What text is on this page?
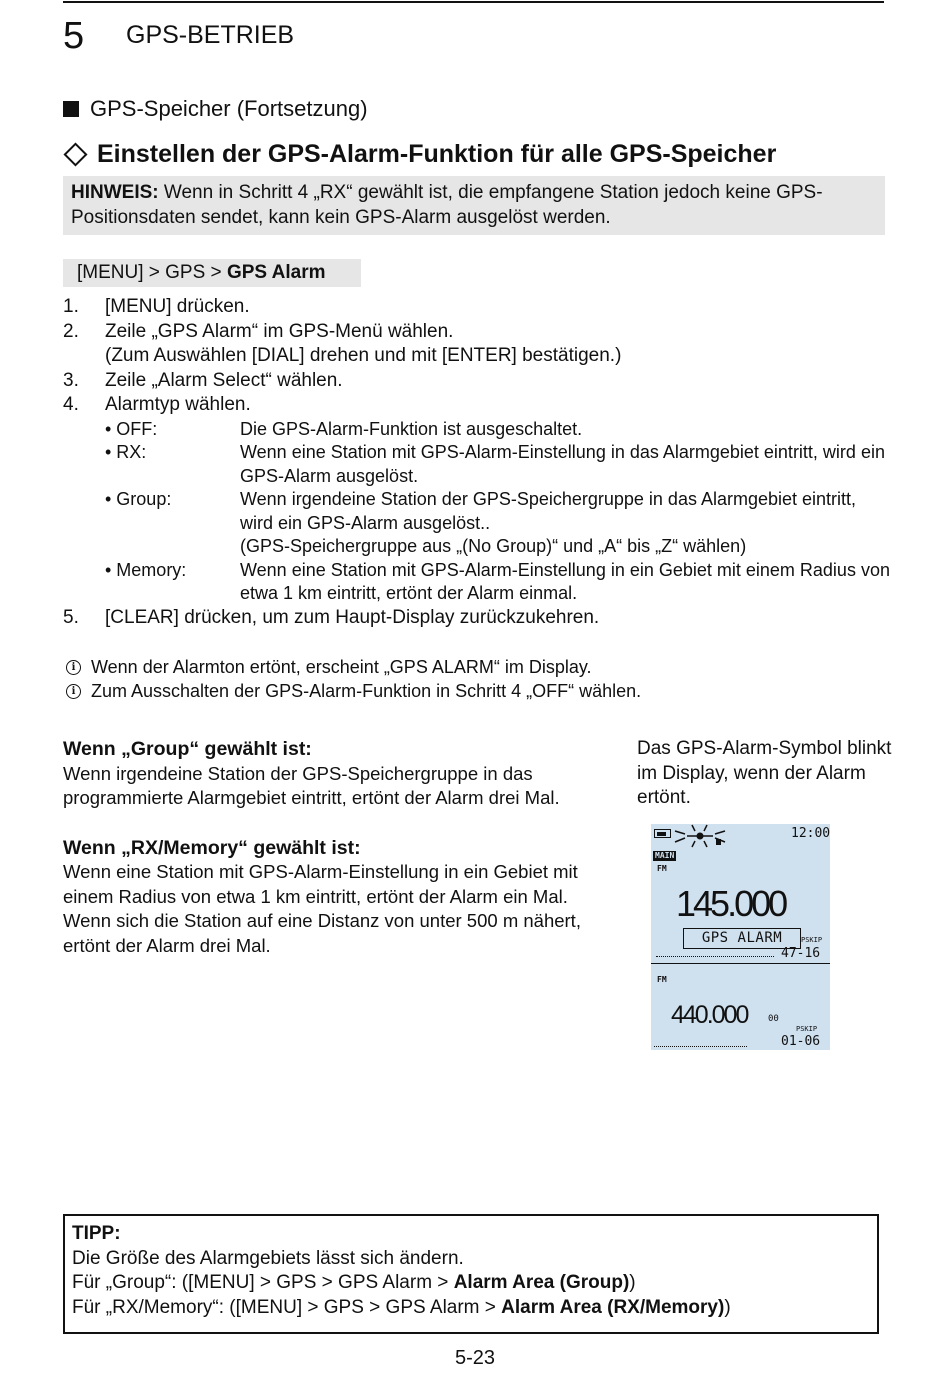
5 GPS-BETRIEB
GPS-Speicher (Fortsetzung)
Einstellen der GPS-Alarm-Funktion für alle GPS-Speicher
HINWEIS: Wenn in Schritt 4 „RX“ gewählt ist, die empfangene Station jedoch keine GPS-Positionsdaten sendet, kann kein GPS-Alarm ausgelöst werden.
[MENU] > GPS > GPS Alarm
1.	[MENU] drücken.
2.	Zeile „GPS Alarm“ im GPS-Menü wählen.
(Zum Auswählen [DIAL] drehen und mit [ENTER] bestätigen.)
3.	Zeile „Alarm Select“ wählen.
4.	Alarmtyp wählen.
• OFF:	Die GPS-Alarm-Funktion ist ausgeschaltet.
• RX:	Wenn eine Station mit GPS-Alarm-Einstellung in das Alarmgebiet eintritt, wird ein GPS-Alarm ausgelöst.
• Group:	Wenn irgendeine Station der GPS-Speichergruppe in das Alarmgebiet eintritt, wird ein GPS-Alarm ausgelöst..
(GPS-Speichergruppe aus „(No Group)“ und „A“ bis „Z“ wählen)
• Memory:	Wenn eine Station mit GPS-Alarm-Einstellung in ein Gebiet mit einem Radius von etwa 1 km eintritt, ertönt der Alarm einmal.
5.	[CLEAR] drücken, um zum Haupt-Display zurückzukehren.
i Wenn der Alarmton ertönt, erscheint „GPS ALARM“ im Display.
i Zum Ausschalten der GPS-Alarm-Funktion in Schritt 4 „OFF“ wählen.
Wenn „Group“ gewählt ist:

Wenn irgendeine Station der GPS-Speichergruppe in das programmierte Alarmgebiet eintritt, ertönt der Alarm drei Mal.

Wenn „RX/Memory“ gewählt ist:

Wenn eine Station mit GPS-Alarm-Einstellung in ein Gebiet mit einem Radius von etwa 1 km eintritt, ertönt der Alarm ein Mal. Wenn sich die Station auf eine Distanz von unter 500 m nähert, ertönt der Alarm drei Mal.

Das GPS-Alarm-Symbol blinkt im Display, wenn der Alarm ertönt.
12:00
MAIN
FM
145.000
GPS ALARM	PSKIP
47-16
FM
440.000 00
PSKIP
01-06
TIPP:
Die Größe des Alarmgebiets lässt sich ändern.
Für „Group“: ([MENU] > GPS > GPS Alarm > Alarm Area (Group))
Für „RX/Memory“: ([MENU] > GPS > GPS Alarm > Alarm Area (RX/Memory))
5-23
